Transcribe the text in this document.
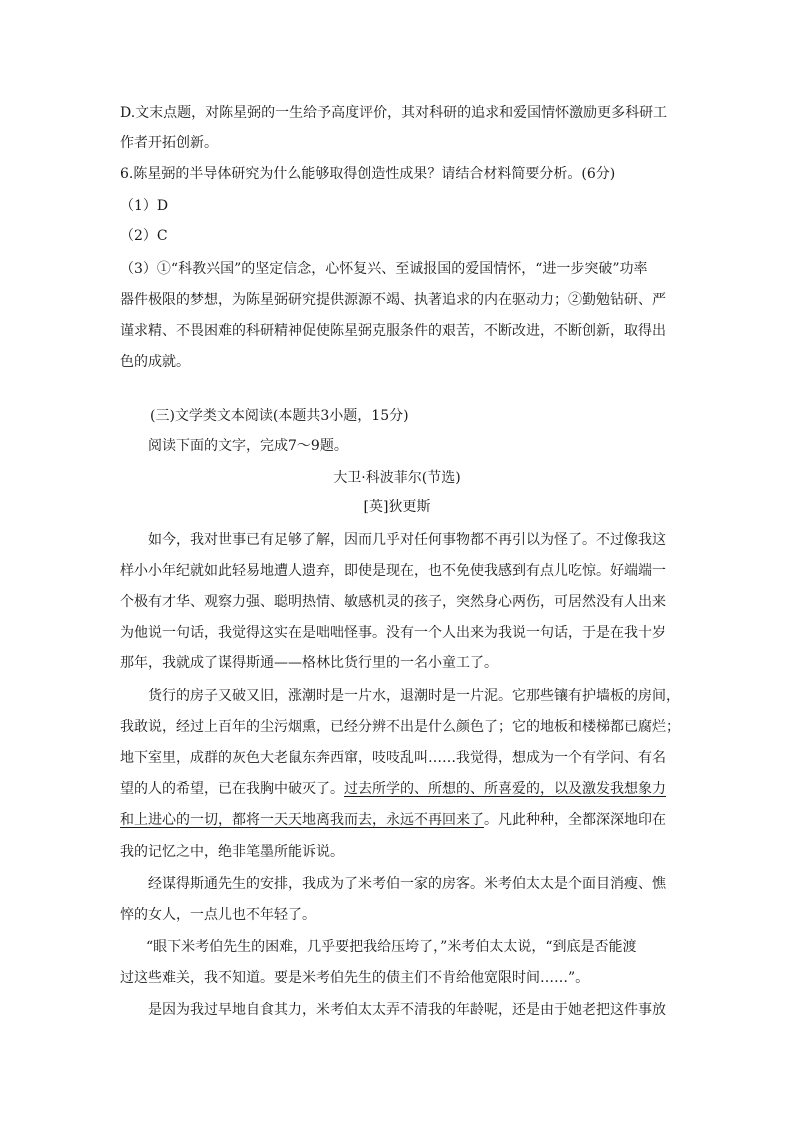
D.文末点题，对陈星弼的一生给予高度评价，其对科研的追求和爱国情怀激励更多科研工
作者开拓创新。
6.陈星弼的半导体研究为什么能够取得创造性成果？请结合材料简要分析。(6分)
（1）D
（2）C
（3）①“科教兴国”的坚定信念，心怀复兴、至诚报国的爱国情怀，“进一步突破”功率
器件极限的梦想，为陈星弼研究提供源源不竭、执著追求的内在驱动力；②勤勉钻研、严
谨求精、不畏困难的科研精神促使陈星弼克服条件的艰苦，不断改进，不断创新，取得出
色的成就。
(三)文学类文本阅读(本题共3小题，15分)
阅读下面的文字，完成7～9题。
大卫·科波菲尔(节选)
[英]狄更斯
如今，我对世事已有足够了解，因而几乎对任何事物都不再引以为怪了。不过像我这
样小小年纪就如此轻易地遭人遗弃，即使是现在，也不免使我感到有点儿吃惊。好端端一
个极有才华、观察力强、聪明热情、敏感机灵的孩子，突然身心两伤，可居然没有人出来
为他说一句话，我觉得这实在是咄咄怪事。没有一个人出来为我说一句话，于是在我十岁
那年，我就成了谋得斯通——格林比货行里的一名小童工了。
货行的房子又破又旧，涨潮时是一片水，退潮时是一片泥。它那些镶有护墙板的房间，
我敢说，经过上百年的尘污烟熏，已经分辨不出是什么颜色了；它的地板和楼梯都已腐烂；
地下室里，成群的灰色大老鼠东奔西窜，吱吱乱叫……我觉得，想成为一个有学问、有名
望的人的希望，已在我胸中破灭了。过去所学的、所想的、所喜爱的，以及激发我想象力
和上进心的一切，都将一天天地离我而去，永远不再回来了。凡此种种，全都深深地印在
我的记忆之中，绝非笔墨所能诉说。
经谋得斯通先生的安排，我成为了米考伯一家的房客。米考伯太太是个面目消瘦、憔
悴的女人，一点儿也不年轻了。
“眼下米考伯先生的困难，几乎要把我给压垮了，”米考伯太太说，“到底是否能渡
过这些难关，我不知道。要是米考伯先生的债主们不肯给他宽限时间……”。
是因为我过早地自食其力，米考伯太太弄不清我的年龄呢，还是由于她老把这件事放
